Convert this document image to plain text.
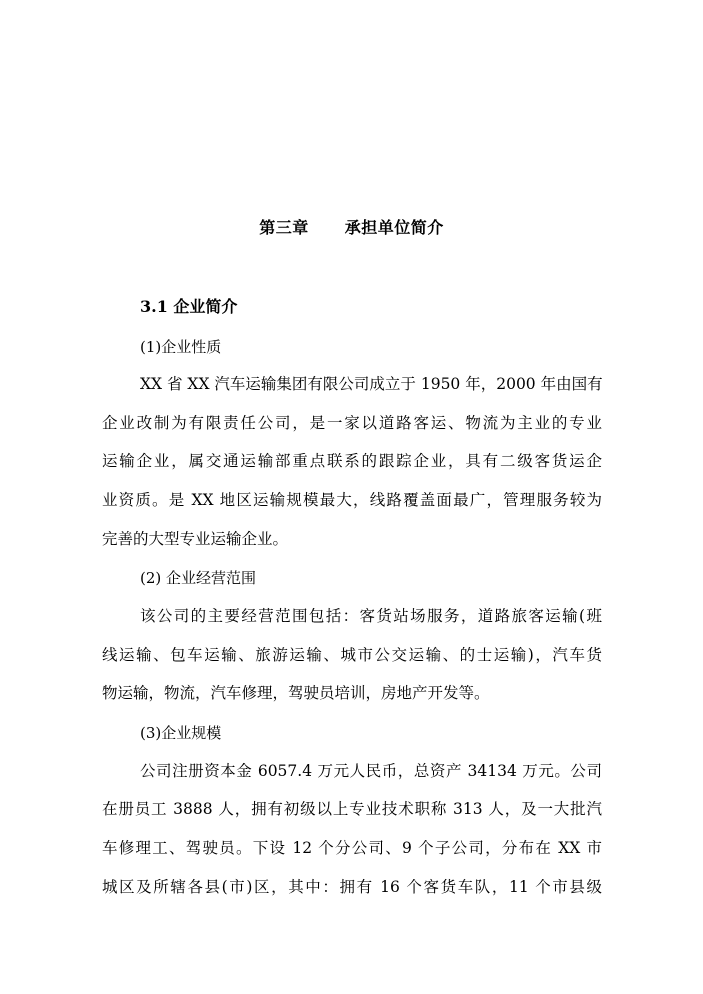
第三章 承担单位简介
3.1 企业简介
(1)企业性质
XX 省 XX 汽车运输集团有限公司成立于 1950 年，2000 年由国有
企业改制为有限责任公司，是一家以道路客运、物流为主业的专业
运输企业，属交通运输部重点联系的跟踪企业，具有二级客货运企
业资质。是 XX 地区运输规模最大，线路覆盖面最广，管理服务较为
完善的大型专业运输企业。
(2) 企业经营范围
该公司的主要经营范围包括：客货站场服务，道路旅客运输(班
线运输、包车运输、旅游运输、城市公交运输、的士运输)，汽车货
物运输，物流，汽车修理，驾驶员培训，房地产开发等。
(3)企业规模
公司注册资本金 6057.4 万元人民币，总资产 34134 万元。公司
在册员工 3888 人，拥有初级以上专业技术职称 313 人，及一大批汽
车修理工、驾驶员。下设 12 个分公司、9 个子公司，分布在 XX 市
城区及所辖各县(市)区，其中：拥有 16 个客货车队，11 个市县级
